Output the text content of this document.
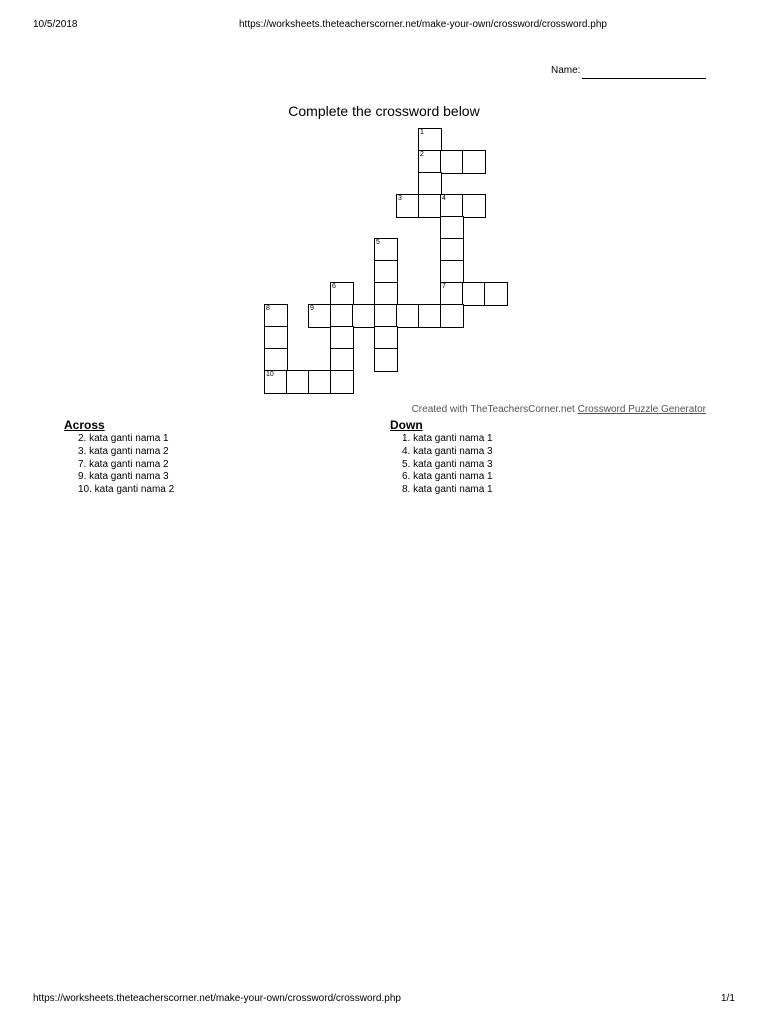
10/5/2018	https://worksheets.theteacherscorner.net/make-your-own/crossword/crossword.php
Name:
Complete the crossword below
1
2
3	4
5
6	7
8	9
10
Created with TheTeachersCorner.net Crossword Puzzle Generator
Across
2. kata ganti nama 1
3. kata ganti nama 2
7. kata ganti nama 2
9. kata ganti nama 3
10. kata ganti nama 2
Down
1. kata ganti nama 1
4. kata ganti nama 3
5. kata ganti nama 3
6. kata ganti nama 1
8. kata ganti nama 1
https://worksheets.theteacherscorner.net/make-your-own/crossword/crossword.php	1/1
